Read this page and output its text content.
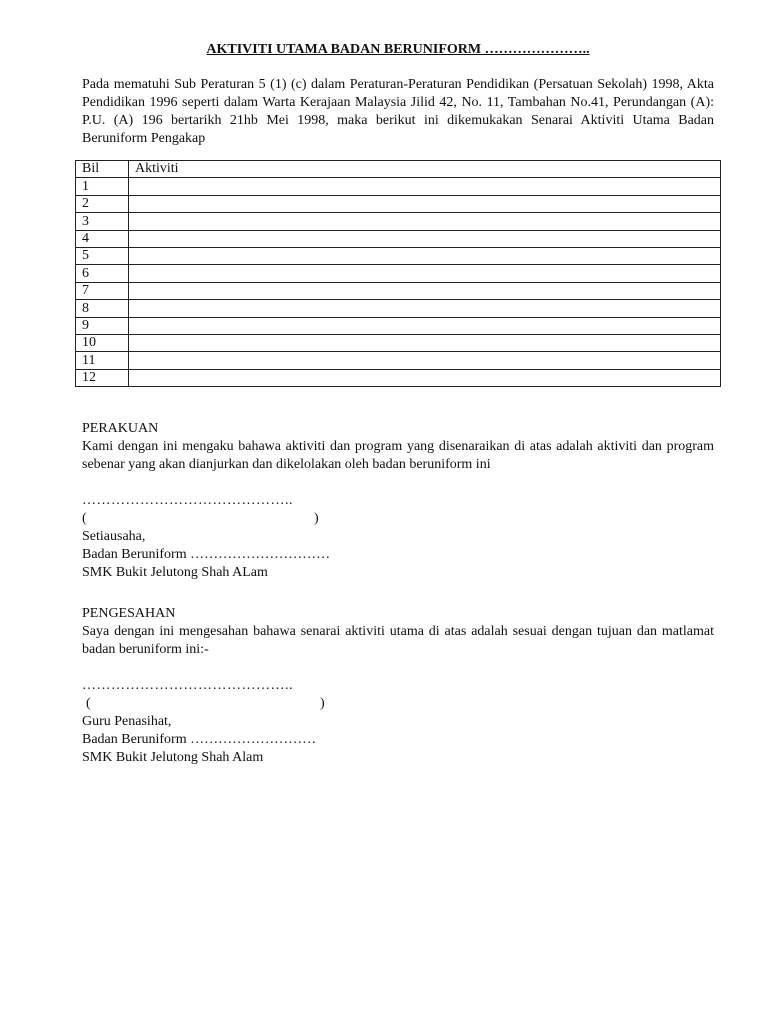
AKTIVITI UTAMA BADAN BERUNIFORM …………………..

Pada mematuhi Sub Peraturan 5 (1) (c) dalam Peraturan-Peraturan Pendidikan (Persatuan Sekolah) 1998, Akta Pendidikan 1996 seperti dalam Warta Kerajaan Malaysia Jilid 42, No. 11, Tambahan No.41, Perundangan (A): P.U. (A) 196 bertarikh 21hb Mei 1998, maka berikut ini dikemukakan Senarai Aktiviti Utama Badan Beruniform Pengakap

Bil	Aktiviti
1	
2	
3	
4	
5	
6	
7	
8	
9	
10	
11	
12	
PERAKUAN
Kami dengan ini mengaku bahawa aktiviti dan program yang disenaraikan di atas adalah aktiviti dan program sebenar yang akan dianjurkan dan dikelolakan oleh badan beruniform ini
……………………………………..
(	)
Setiausaha,
Badan Beruniform …………………………
SMK Bukit Jelutong Shah ALam
PENGESAHAN
Saya dengan ini mengesahan bahawa senarai aktiviti utama di atas adalah sesuai dengan tujuan dan matlamat badan beruniform ini:-
……………………………………..
(	)
Guru Penasihat,
Badan Beruniform ………………………
SMK Bukit Jelutong Shah Alam
